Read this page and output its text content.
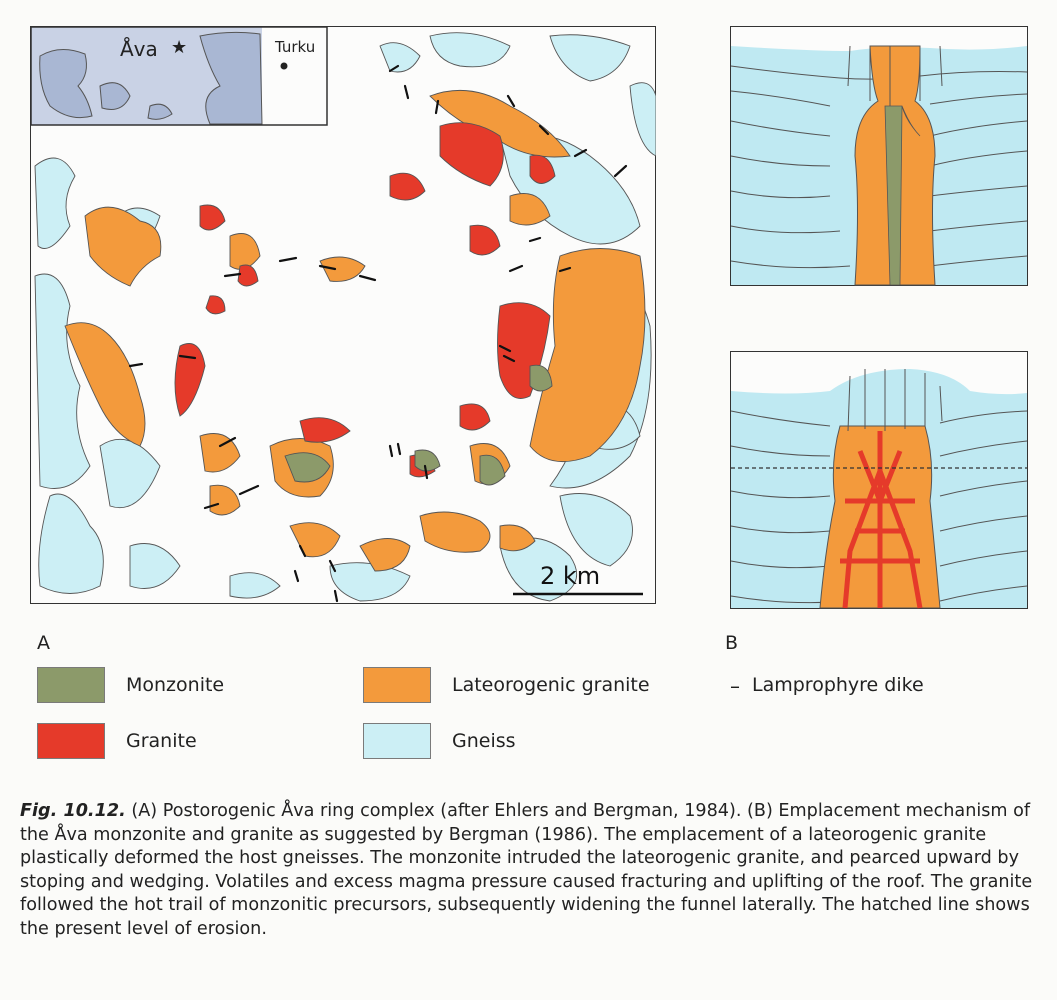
Åva ★	Turku
2 km
A	B
Monzonite
Granite
Lateorogenic granite
Gneiss
– Lamprophyre dike
Fig. 10.12. (A) Postorogenic Åva ring complex (after Ehlers and Bergman, 1984). (B) Emplacement mechanism of the Åva monzonite and granite as suggested by Bergman (1986). The emplacement of a lateorogenic granite plastically deformed the host gneisses. The monzonite intruded the lateorogenic granite, and pearced upward by stoping and wedging. Volatiles and excess magma pressure caused fracturing and uplifting of the roof. The granite followed the hot trail of monzonitic precursors, subsequently widening the funnel laterally. The hatched line shows the present level of erosion.
